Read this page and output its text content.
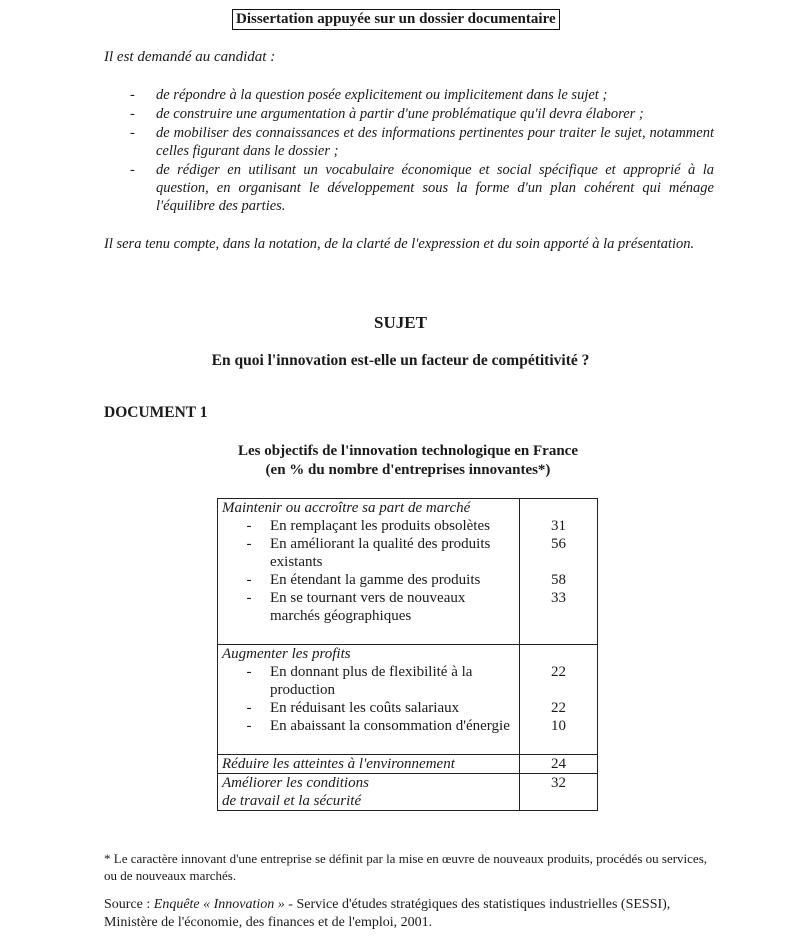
Dissertation appuyée sur un dossier documentaire
Il est demandé au candidat :
-	de répondre à la question posée explicitement ou implicitement dans le sujet ;
-	de construire une argumentation à partir d'une problématique qu'il devra élaborer ;
-	de mobiliser des connaissances et des informations pertinentes pour traiter le sujet, notamment celles figurant dans le dossier ;
-	de rédiger en utilisant un vocabulaire économique et social spécifique et approprié à la question, en organisant le développement sous la forme d'un plan cohérent qui ménage l'équilibre des parties.
Il sera tenu compte, dans la notation, de la clarté de l'expression et du soin apporté à la présentation.
SUJET
En quoi l'innovation est-elle un facteur de compétitivité ?
DOCUMENT 1
Les objectifs de l'innovation technologique en France
(en % du nombre d'entreprises innovantes*)
Maintenir ou accroître sa part de marché	

- En remplaçant les produits obsolètes	31

- En améliorant la qualité des produits existants	56

- En étendant la gamme des produits	58

- En se tournant vers de nouveaux marchés géographiques	33
Augmenter les profits	

- En donnant plus de flexibilité à la production	22

- En réduisant les coûts salariaux	22

- En abaissant la consommation d'énergie	10
Réduire les atteintes à l'environnement	24
Améliorer les conditions de travail et la sécurité	32
* Le caractère innovant d'une entreprise se définit par la mise en œuvre de nouveaux produits, procédés ou services, ou de nouveaux marchés.
Source : Enquête « Innovation » - Service d'études stratégiques des statistiques industrielles (SESSI), Ministère de l'économie, des finances et de l'emploi, 2001.
